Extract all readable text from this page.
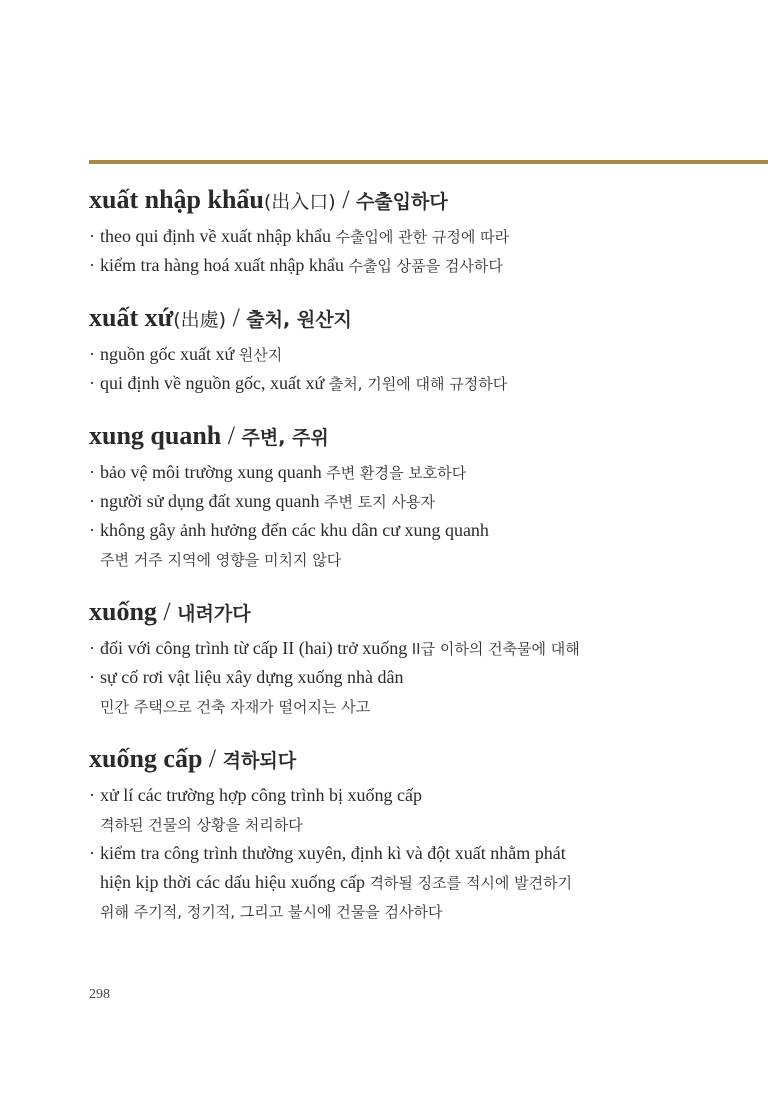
xuất nhập khẩu(出入口) / 수출입하다
· theo qui định về xuất nhập khẩu 수출입에 관한 규정에 따라
· kiểm tra hàng hoá xuất nhập khẩu 수출입 상품을 검사하다
xuất xứ(出處) / 출처, 원산지
· nguồn gốc xuất xứ 원산지
· qui định về nguồn gốc, xuất xứ 출처, 기원에 대해 규정하다
xung quanh / 주변, 주위
· bảo vệ môi trường xung quanh 주변 환경을 보호하다
· người sử dụng đất xung quanh 주변 토지 사용자
· không gây ảnh hưởng đến các khu dân cư xung quanh
주변 거주 지역에 영향을 미치지 않다
xuống / 내려가다
· đối với công trình từ cấp II (hai) trở xuống II급 이하의 건축물에 대해
· sự cố rơi vật liệu xây dựng xuống nhà dân
민간 주택으로 건축 자재가 떨어지는 사고
xuống cấp / 격하되다
· xử lí các trường hợp công trình bị xuống cấp
격하된 건물의 상황을 처리하다
· kiểm tra công trình thường xuyên, định kì và đột xuất nhằm phát
hiện kịp thời các dấu hiệu xuống cấp 격하될 징조를 적시에 발견하기
위해 주기적, 정기적, 그리고 불시에 건물을 검사하다
298
